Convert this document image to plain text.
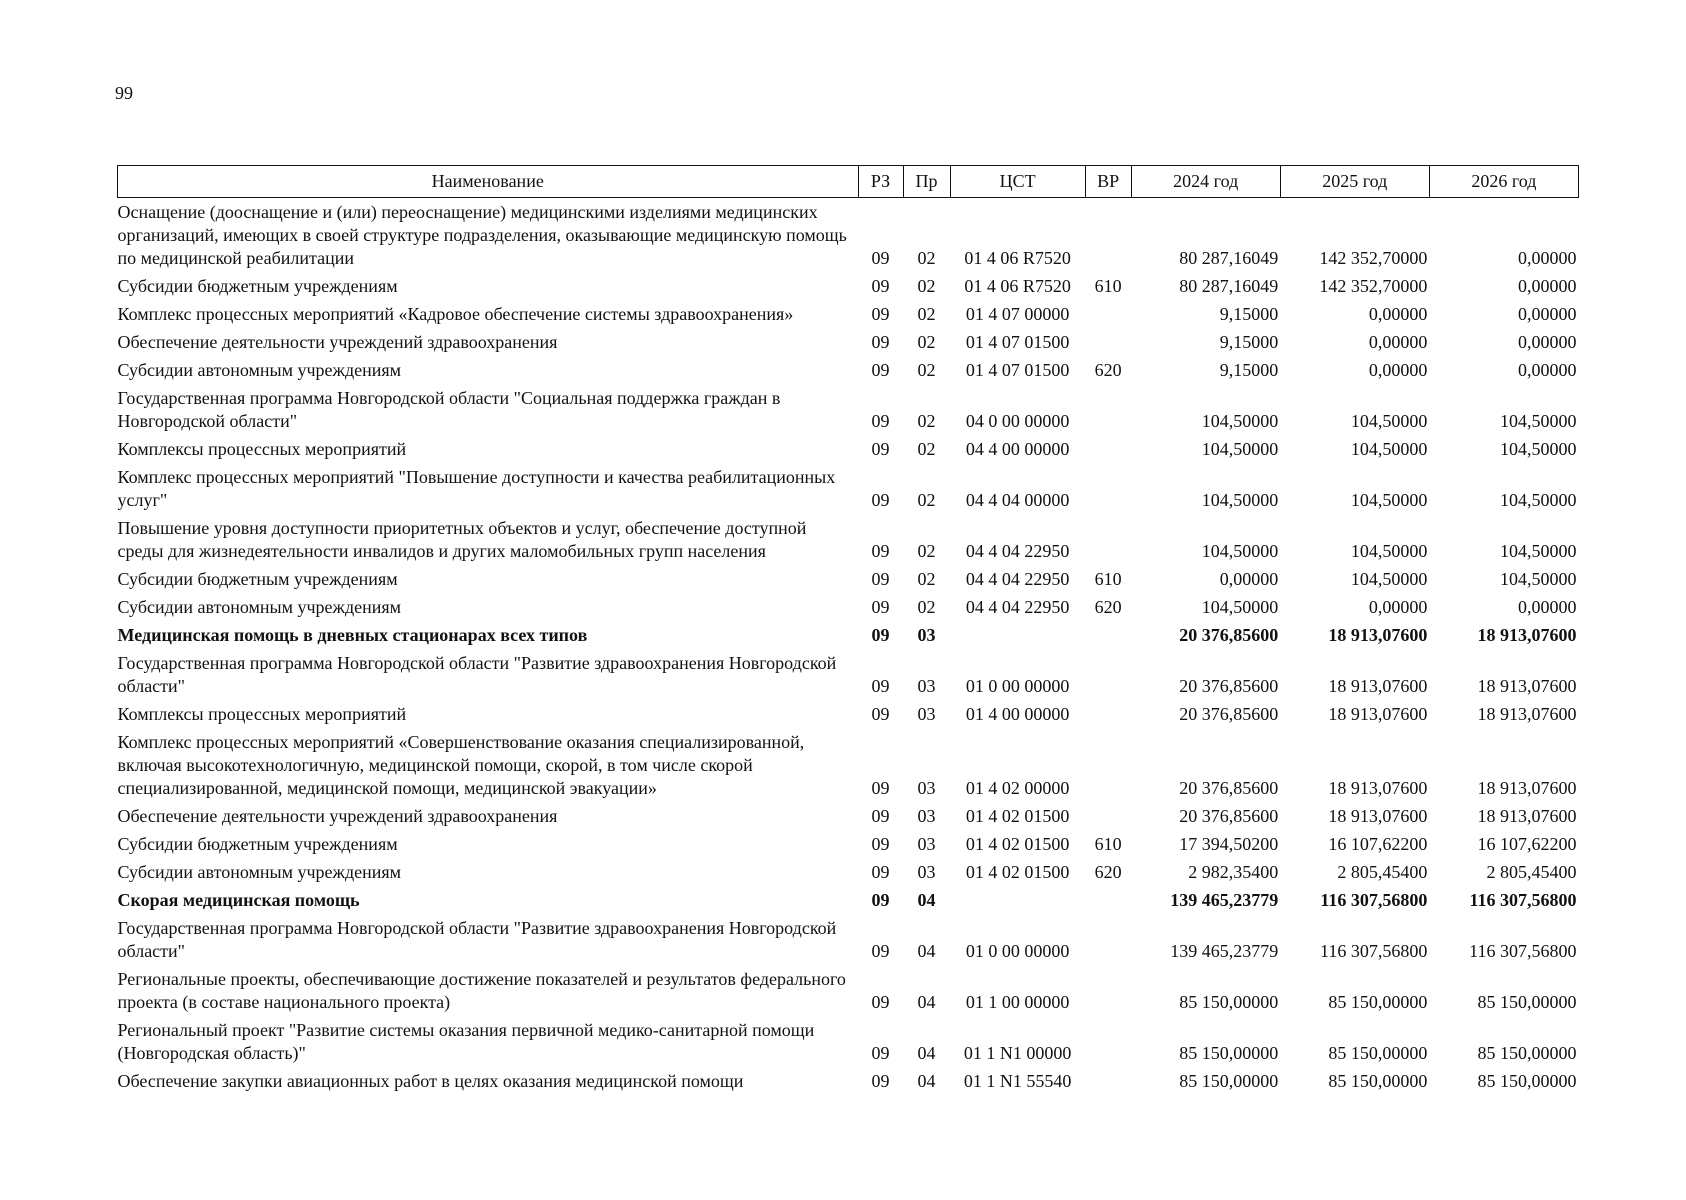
99
Наименование	РЗ	Пр	ЦСТ	ВР	2024 год	2025 год	2026 год
Оснащение (дооснащение и (или) переоснащение) медицинскими изделиями медицинских организаций, имеющих в своей структуре подразделения, оказывающие медицинскую помощь по медицинской реабилитации	09	02	01 4 06 R7520		80 287,16049	142 352,70000	0,00000
Субсидии бюджетным учреждениям	09	02	01 4 06 R7520	610	80 287,16049	142 352,70000	0,00000
Комплекс процессных мероприятий «Кадровое обеспечение системы здравоохранения»	09	02	01 4 07 00000		9,15000	0,00000	0,00000
Обеспечение деятельности учреждений здравоохранения	09	02	01 4 07 01500		9,15000	0,00000	0,00000
Субсидии автономным учреждениям	09	02	01 4 07 01500	620	9,15000	0,00000	0,00000
Государственная программа Новгородской области "Социальная поддержка граждан в Новгородской области"	09	02	04 0 00 00000		104,50000	104,50000	104,50000
Комплексы процессных мероприятий	09	02	04 4 00 00000		104,50000	104,50000	104,50000
Комплекс процессных мероприятий "Повышение доступности и качества реабилитационных услуг"	09	02	04 4 04 00000		104,50000	104,50000	104,50000
Повышение уровня доступности приоритетных объектов и услуг, обеспечение доступной среды для жизнедеятельности инвалидов и других маломобильных групп населения	09	02	04 4 04 22950		104,50000	104,50000	104,50000
Субсидии бюджетным учреждениям	09	02	04 4 04 22950	610	0,00000	104,50000	104,50000
Субсидии автономным учреждениям	09	02	04 4 04 22950	620	104,50000	0,00000	0,00000
Медицинская помощь в дневных стационарах всех типов	09	03			20 376,85600	18 913,07600	18 913,07600
Государственная программа Новгородской области "Развитие здравоохранения Новгородской области"	09	03	01 0 00 00000		20 376,85600	18 913,07600	18 913,07600
Комплексы процессных мероприятий	09	03	01 4 00 00000		20 376,85600	18 913,07600	18 913,07600
Комплекс процессных мероприятий «Совершенствование оказания специализированной, включая высокотехнологичную, медицинской помощи, скорой, в том числе скорой специализированной, медицинской помощи, медицинской эвакуации»	09	03	01 4 02 00000		20 376,85600	18 913,07600	18 913,07600
Обеспечение деятельности учреждений здравоохранения	09	03	01 4 02 01500		20 376,85600	18 913,07600	18 913,07600
Субсидии бюджетным учреждениям	09	03	01 4 02 01500	610	17 394,50200	16 107,62200	16 107,62200
Субсидии автономным учреждениям	09	03	01 4 02 01500	620	2 982,35400	2 805,45400	2 805,45400
Скорая медицинская помощь	09	04			139 465,23779	116 307,56800	116 307,56800
Государственная программа Новгородской области "Развитие здравоохранения Новгородской области"	09	04	01 0 00 00000		139 465,23779	116 307,56800	116 307,56800
Региональные проекты, обеспечивающие достижение показателей и результатов федерального проекта (в составе национального проекта)	09	04	01 1 00 00000		85 150,00000	85 150,00000	85 150,00000
Региональный проект "Развитие системы оказания первичной медико-санитарной помощи (Новгородская область)"	09	04	01 1 N1 00000		85 150,00000	85 150,00000	85 150,00000
Обеспечение закупки авиационных работ в целях оказания медицинской помощи	09	04	01 1 N1 55540		85 150,00000	85 150,00000	85 150,00000
